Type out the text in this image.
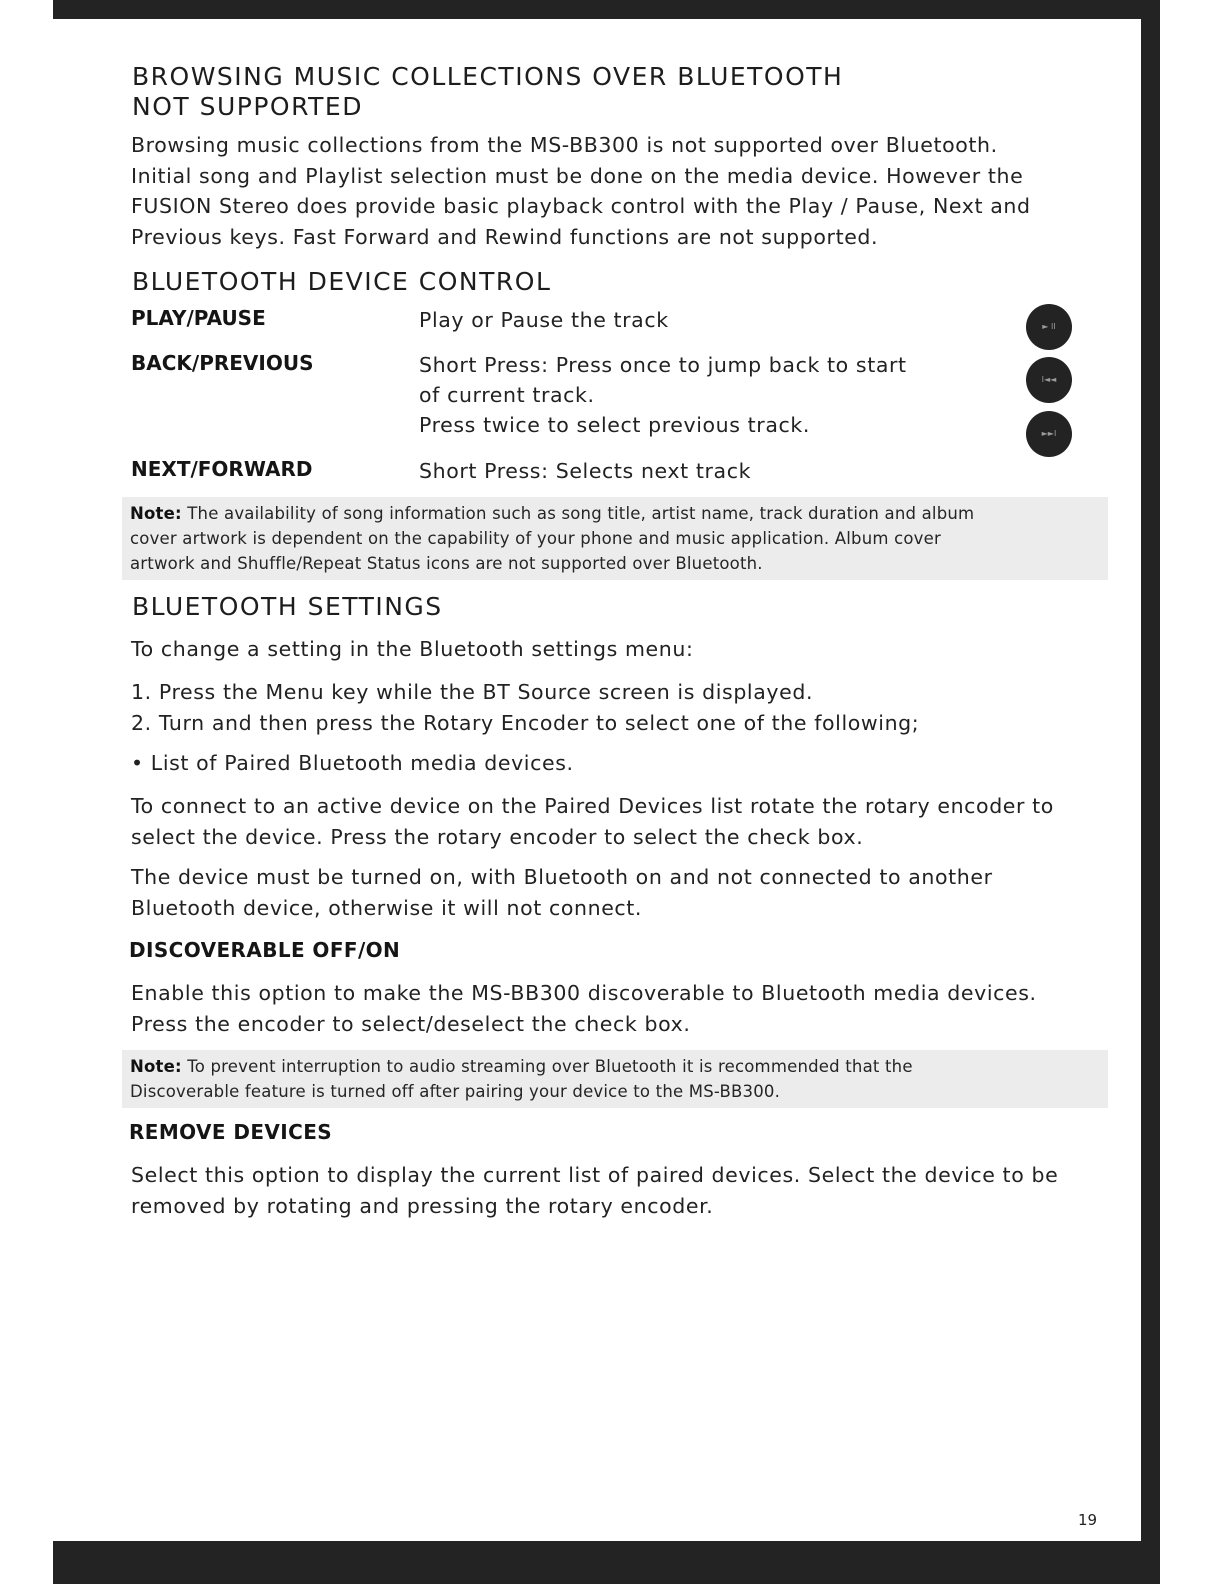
BROWSING MUSIC COLLECTIONS OVER BLUETOOTH
NOT SUPPORTED
Browsing music collections from the MS-BB300 is not supported over Bluetooth.
Initial song and Playlist selection must be done on the media device. However the
FUSION Stereo does provide basic playback control with the Play / Pause, Next and
Previous keys. Fast Forward and Rewind functions are not supported.
BLUETOOTH DEVICE CONTROL
PLAY/PAUSE	Play or Pause the track
BACK/PREVIOUS	Short Press: Press once to jump back to start
of current track.
Press twice to select previous track.
NEXT/FORWARD	Short Press: Selects next track
► II
I◄◄
►►I
Note: The availability of song information such as song title, artist name, track duration and album
cover artwork is dependent on the capability of your phone and music application. Album cover
artwork and Shuffle/Repeat Status icons are not supported over Bluetooth.
BLUETOOTH SETTINGS
To change a setting in the Bluetooth settings menu:
1. Press the Menu key while the BT Source screen is displayed.
2. Turn and then press the Rotary Encoder to select one of the following;
• List of Paired Bluetooth media devices.
To connect to an active device on the Paired Devices list rotate the rotary encoder to
select the device. Press the rotary encoder to select the check box.
The device must be turned on, with Bluetooth on and not connected to another
Bluetooth device, otherwise it will not connect.
DISCOVERABLE OFF/ON
Enable this option to make the MS-BB300 discoverable to Bluetooth media devices.
Press the encoder to select/deselect the check box.
Note: To prevent interruption to audio streaming over Bluetooth it is recommended that the
Discoverable feature is turned off after pairing your device to the MS-BB300.
REMOVE DEVICES
Select this option to display the current list of paired devices. Select the device to be
removed by rotating and pressing the rotary encoder.
19
